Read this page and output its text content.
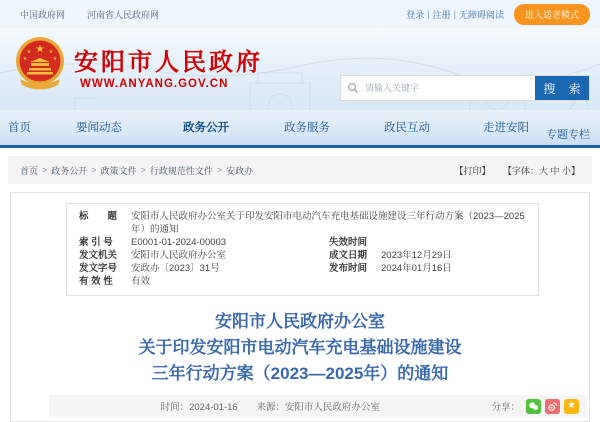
中国政府网 河南省人民政府网	登录 | 注册 | 无障碍阅读	进入适老模式
★
★	★
★	★ 安阳市人民政府
WWW.ANYANG.GOV.CN
请输入关键字	搜 索
首页	要闻动态	政务公开	政务服务	政民互动	走进安阳
专题专栏
首页 > 政务公开 > 政策文件 > 行政规范性文件 > 安政办	【打印】 【字体：大 中 小】
标　　题	安阳市人民政府办公室关于印发安阳市电动汽车充电基础设施建设三年行动方案（2023—2025年）的通知
索 引 号	E0001-01-2024-00003	失效时间
发文机关	安阳市人民政府办公室	成文日期	2023年12月29日
发文字号	安政办〔2023〕31号	发布时间	2024年01月16日
有 效 性	有效
安阳市人民政府办公室
关于印发安阳市电动汽车充电基础设施建设
三年行动方案（2023—2025年）的通知
时间：2024-01-16 来源：安阳市人民政府办公室	分享：	★
